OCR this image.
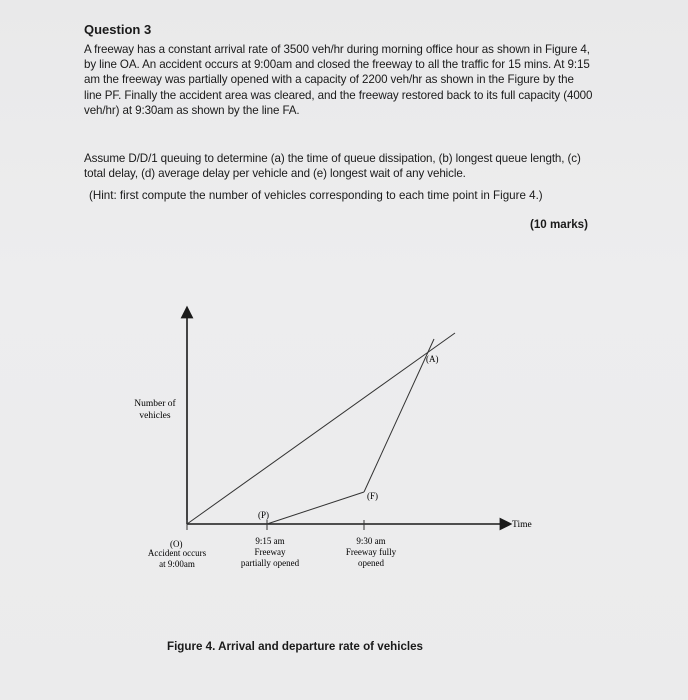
Question 3
A freeway has a constant arrival rate of 3500 veh/hr during morning office hour as shown in Figure 4, by line OA. An accident occurs at 9:00am and closed the freeway to all the traffic for 15 mins. At 9:15 am the freeway was partially opened with a capacity of 2200 veh/hr as shown in the Figure by the line PF. Finally the accident area was cleared, and the freeway restored back to its full capacity (4000 veh/hr) at 9:30am as shown by the line FA.
Assume D/D/1 queuing to determine (a) the time of queue dissipation, (b) longest queue length, (c) total delay, (d) average delay per vehicle and (e) longest wait of any vehicle.
(Hint: first compute the number of vehicles corresponding to each time point in Figure 4.)
(10 marks)
Number of
vehicles
Time
(A)
(F)
(P)
(O)
Accident occurs
at 9:00am
9:15 am
Freeway
partially opened
9:30 am
Freeway fully
opened
Figure 4. Arrival and departure rate of vehicles
